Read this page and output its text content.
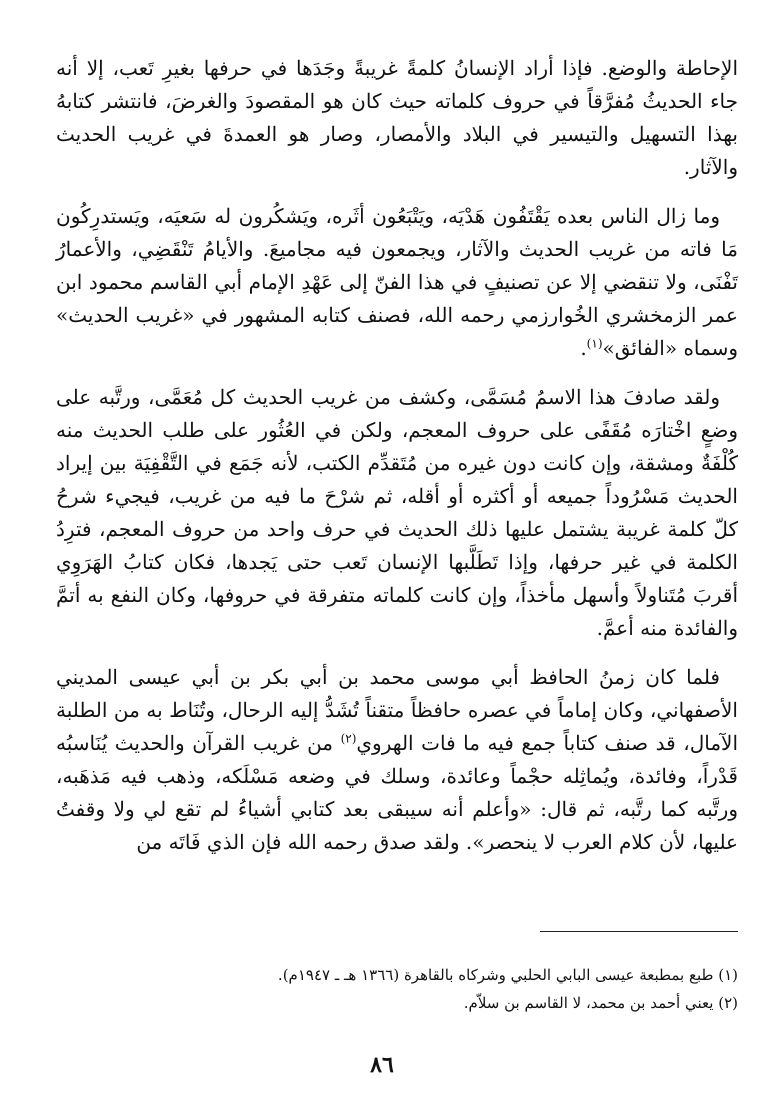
الإحاطة والوضع. فإذا أراد الإنسانُ كلمةً غريبةً وجَدَها في حرفها بغيرِ تَعب، إلا أنه جاء الحديثُ مُفرَّقاً في حروف كلماته حيث كان هو المقصودَ والغرضَ، فانتشر كتابهُ بهذا التسهيل والتيسير في البلاد والأمصار، وصار هو العمدةَ في غريب الحديث والآثار.

وما زال الناس بعده يَقْتَفُون هَدْيَه، ويَتْبَعُون أثَره، ويَشكُرون له سَعيَه، ويَستدرِكُون مَا فاته من غريب الحديث والآثار، ويجمعون فيه مجاميعَ. والأيامُ تَنْقَضِي، والأعمارُ تَفْنَى، ولا تنقضي إلا عن تصنيفٍ في هذا الفنّ إلى عَهْدِ الإمام أبي القاسم محمود ابن عمر الزمخشري الخُوارزمي رحمه الله، فصنف كتابه المشهور في «غريب الحديث» وسماه «الفائق»$^{(١)}$.

ولقد صادفَ هذا الاسمُ مُسَمَّى، وكشف من غريب الحديث كل مُعَمَّى، ورتَّبه على وضعٍ اخْتارَه مُقَفًى على حروف المعجم، ولكن في العُثُور على طلب الحديث منه كُلْفَةٌ ومشقة، وإن كانت دون غيره من مُتَقدِّم الكتب، لأنه جَمَع في التَّقْفِيَة بين إيراد الحديث مَسْرُوداً جميعه أو أكثره أو أقله، ثم شرْحَ ما فيه من غريب، فيجيء شرحُ كلّ كلمة غريبة يشتمل عليها ذلك الحديث في حرف واحد من حروف المعجم، فترِدُ الكلمة في غير حرفها، وإذا تَطَلَّبها الإنسان تَعب حتى يَجدها، فكان كتابُ الهَرَوِي أقربَ مُتَناولاً وأسهل مأخذاً، وإن كانت كلماته متفرقة في حروفها، وكان النفع به أتمَّ والفائدة منه أعمَّ.

فلما كان زمنُ الحافظ أبي موسى محمد بن أبي بكر بن أبي عيسى المديني الأصفهاني، وكان إماماً في عصره حافظاً متقناً تُشَدُّ إليه الرحال، وتُنَاط به من الطلبة الآمال، قد صنف كتاباً جمع فيه ما فات الهروي$^{(٢)}$ من غريب القرآن والحديث يُنَاسبُه قَدْراً، وفائدة، ويُماثِله حجْماً وعائدة، وسلك في وضعه مَسْلَكه، وذهب فيه مَذهَبه، ورتَّبه كما رتَّبه، ثم قال: «وأعلم أنه سيبقى بعد كتابي أشياءُ لم تقع لي ولا وقفتُ عليها، لأن كلام العرب لا ينحصر». ولقد صدق رحمه الله فإن الذي فَاتَه من

(١) طبع بمطبعة عيسى البابي الحلبي وشركاه بالقاهرة (١٣٦٦ هـ ـ ١٩٤٧م).

(٢) يعني أحمد بن محمد، لا القاسم بن سلاّم.

٨٦
